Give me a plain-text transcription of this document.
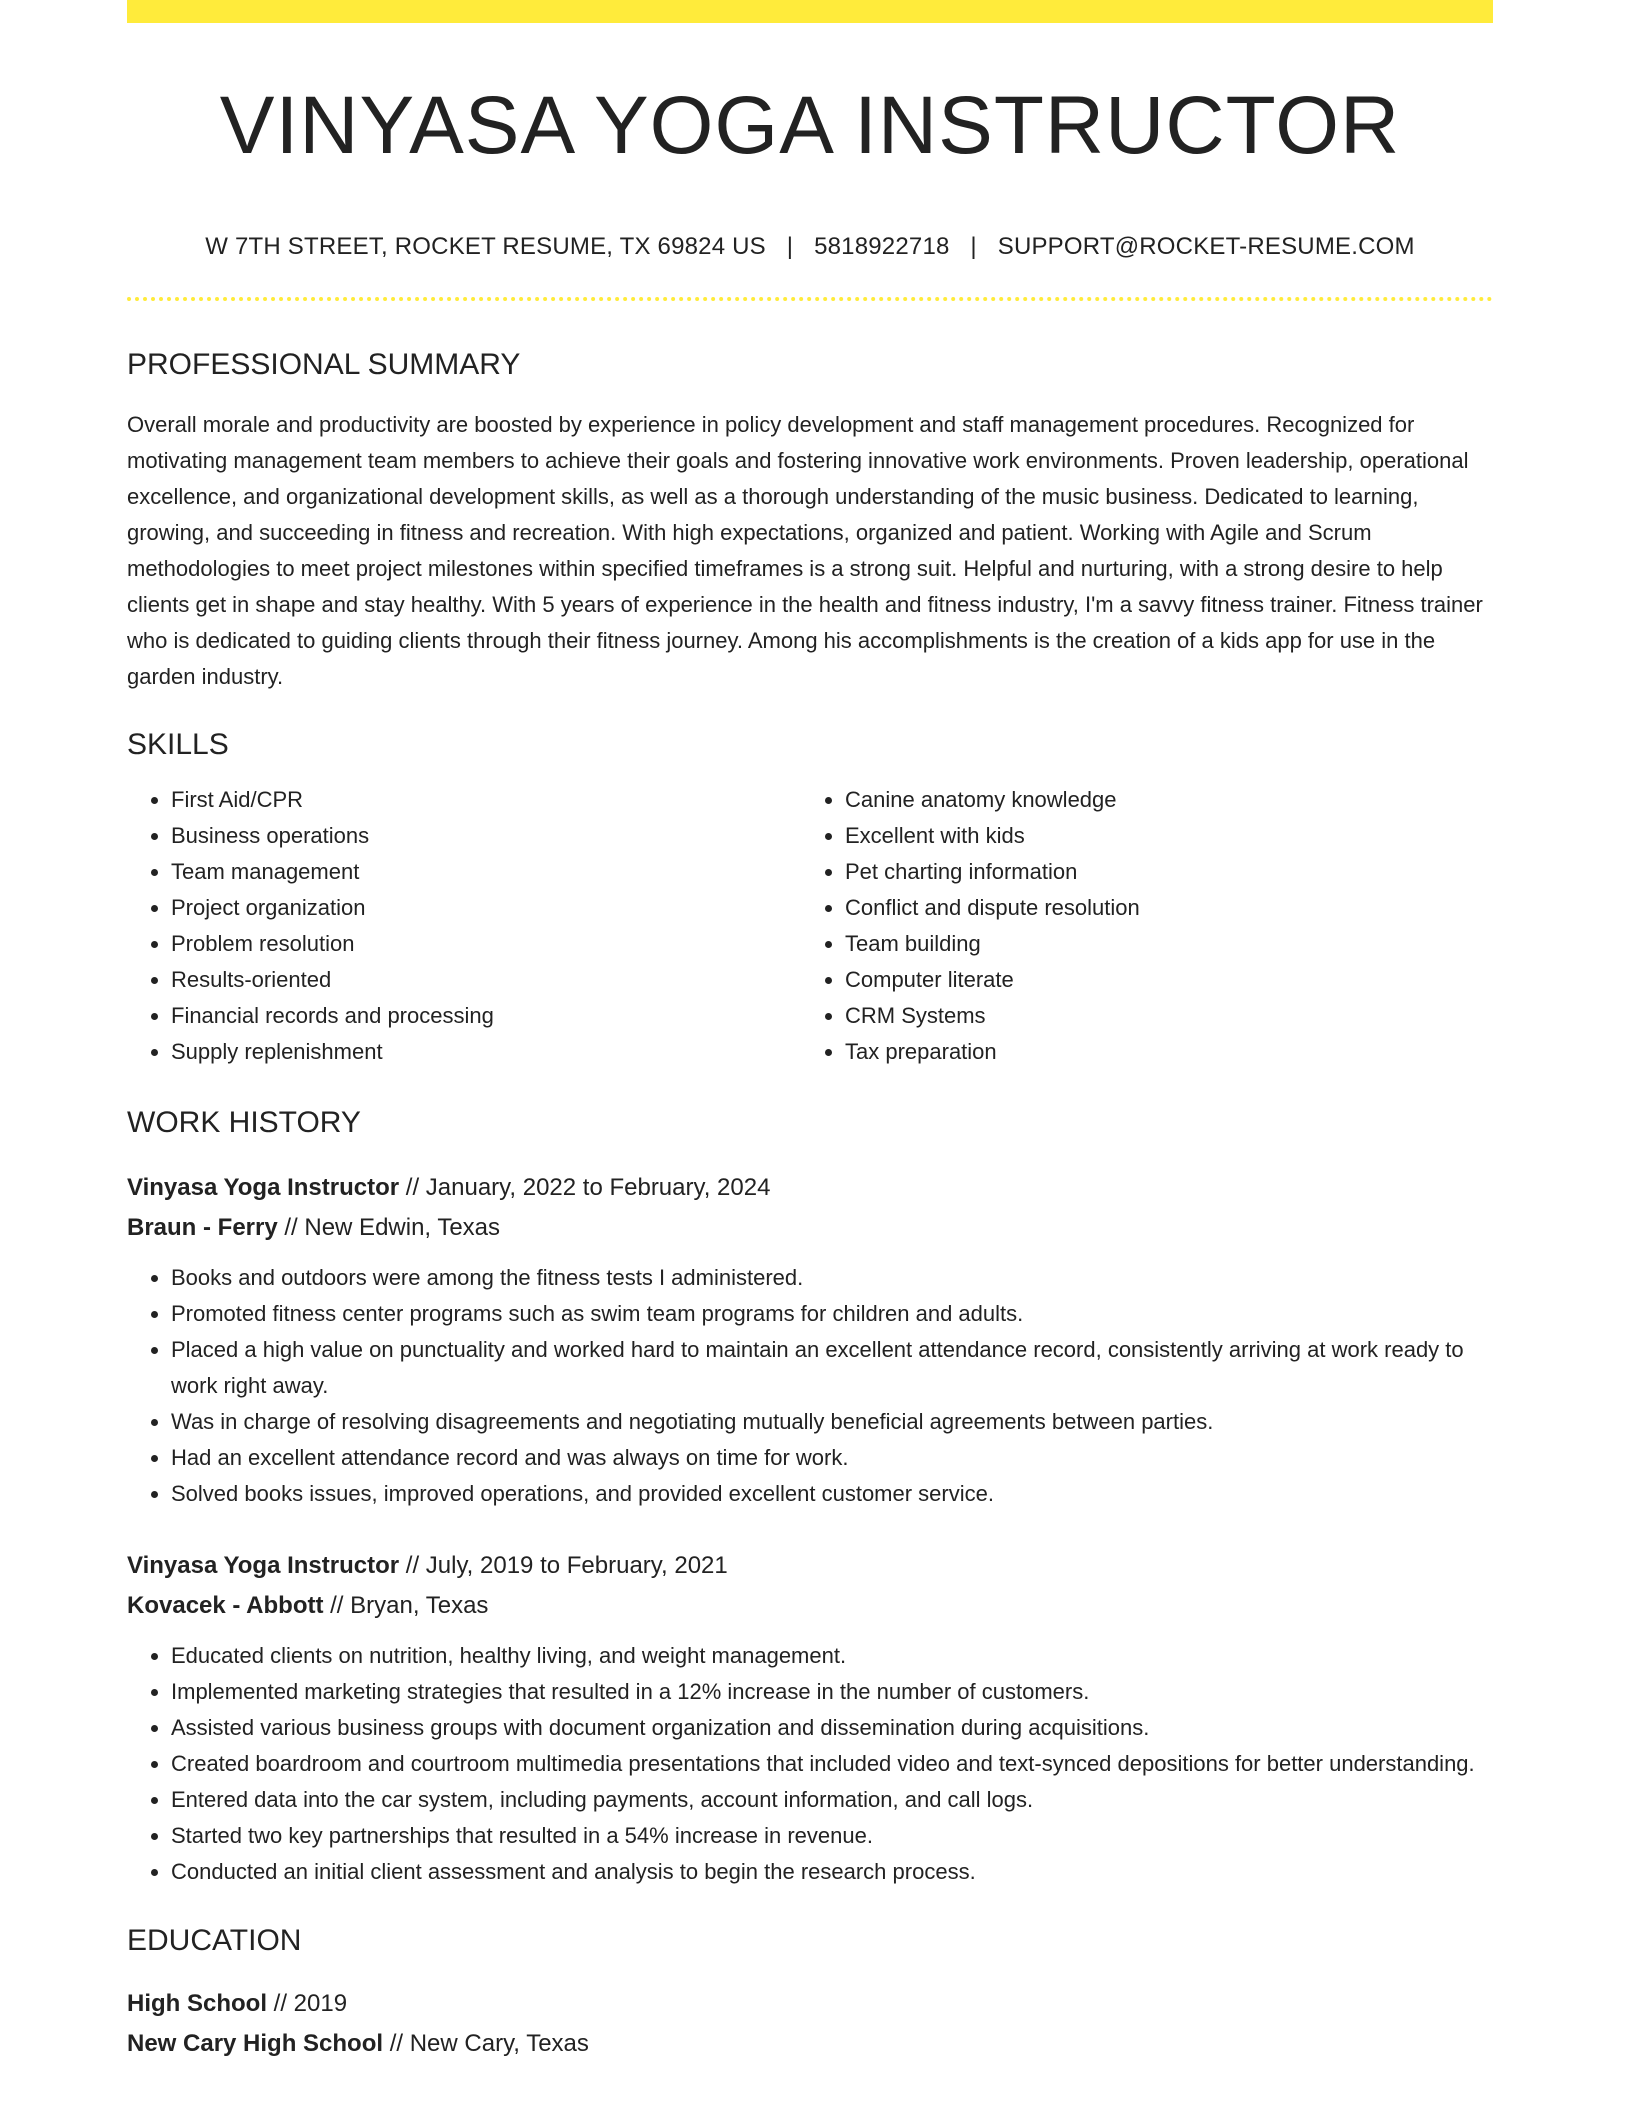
VINYASA YOGA INSTRUCTOR
W 7TH STREET, ROCKET RESUME, TX 69824 US | 5818922718 | SUPPORT@ROCKET-RESUME.COM
PROFESSIONAL SUMMARY

Overall morale and productivity are boosted by experience in policy development and staff management procedures. Recognized for motivating management team members to achieve their goals and fostering innovative work environments. Proven leadership, operational excellence, and organizational development skills, as well as a thorough understanding of the music business. Dedicated to learning, growing, and succeeding in fitness and recreation. With high expectations, organized and patient. Working with Agile and Scrum methodologies to meet project milestones within specified timeframes is a strong suit. Helpful and nurturing, with a strong desire to help clients get in shape and stay healthy. With 5 years of experience in the health and fitness industry, I'm a savvy fitness trainer. Fitness trainer who is dedicated to guiding clients through their fitness journey. Among his accomplishments is the creation of a kids app for use in the garden industry.

SKILLS
• First Aid/CPR
• Business operations
• Team management
• Project organization
• Problem resolution
• Results-oriented
• Financial records and processing
• Supply replenishment
• Canine anatomy knowledge
• Excellent with kids
• Pet charting information
• Conflict and dispute resolution
• Team building
• Computer literate
• CRM Systems
• Tax preparation
WORK HISTORY
Vinyasa Yoga Instructor // January, 2022 to February, 2024
Braun - Ferry // New Edwin, Texas
• Books and outdoors were among the fitness tests I administered.
• Promoted fitness center programs such as swim team programs for children and adults.
• Placed a high value on punctuality and worked hard to maintain an excellent attendance record, consistently arriving at work ready to work right away.
• Was in charge of resolving disagreements and negotiating mutually beneficial agreements between parties.
• Had an excellent attendance record and was always on time for work.
• Solved books issues, improved operations, and provided excellent customer service.
Vinyasa Yoga Instructor // July, 2019 to February, 2021
Kovacek - Abbott // Bryan, Texas
• Educated clients on nutrition, healthy living, and weight management.
• Implemented marketing strategies that resulted in a 12% increase in the number of customers.
• Assisted various business groups with document organization and dissemination during acquisitions.
• Created boardroom and courtroom multimedia presentations that included video and text-synced depositions for better understanding.
• Entered data into the car system, including payments, account information, and call logs.
• Started two key partnerships that resulted in a 54% increase in revenue.
• Conducted an initial client assessment and analysis to begin the research process.
EDUCATION
High School // 2019
New Cary High School // New Cary, Texas
